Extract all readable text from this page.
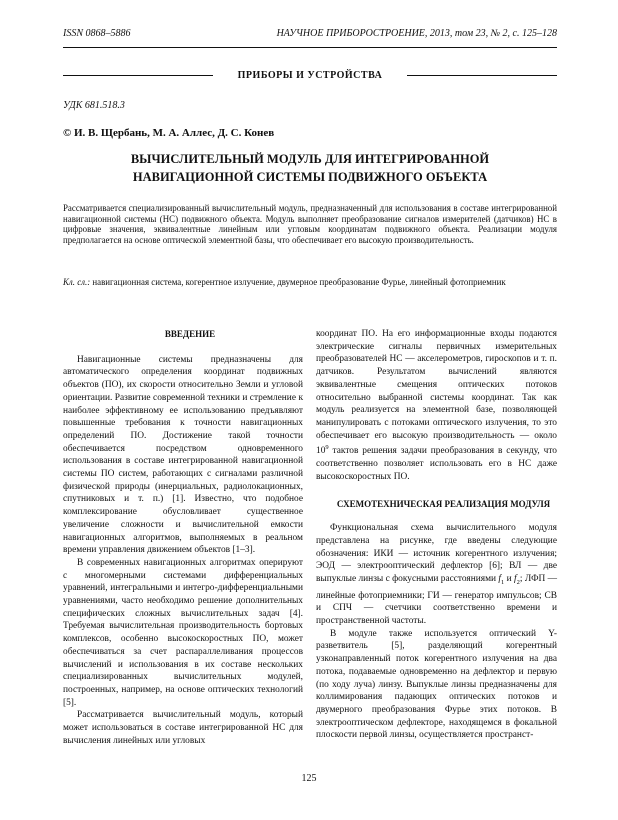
ISSN 0868–5886	НАУЧНОЕ ПРИБОРОСТРОЕНИЕ, 2013, том 23, № 2, с. 125–128
ПРИБОРЫ И УСТРОЙСТВА
УДК 681.518.3
© И. В. Щербань, М. А. Аллес, Д. С. Конев
ВЫЧИСЛИТЕЛЬНЫЙ МОДУЛЬ ДЛЯ ИНТЕГРИРОВАННОЙ
НАВИГАЦИОННОЙ СИСТЕМЫ ПОДВИЖНОГО ОБЪЕКТА
Рассматривается специализированный вычислительный модуль, предназначенный для использования в составе интегрированной навигационной системы (НС) подвижного объекта. Модуль выполняет преобразование сигналов измерителей (датчиков) НС в цифровые значения, эквивалентные линейным или угловым координатам подвижного объекта. Реализации модуля предполагается на основе оптической элементной базы, что обеспечивает его высокую производительность.
Кл. сл.: навигационная система, когерентное излучение, двумерное преобразование Фурье, линейный фотоприемник

ВВЕДЕНИЕ

Навигационные системы предназначены для автоматического определения координат подвижных объектов (ПО), их скорости относительно Земли и угловой ориентации. Развитие современной техники и стремление к наиболее эффективному ее использованию предъявляют повышенные требования к точности навигационных определений ПО. Достижение такой точности обеспечивается посредством одновременного использования в составе интегрированной навигационной системы ПО систем, работающих с сигналами различной физической природы (инерциальных, радиолокационных, спутниковых и т. п.) [1]. Известно, что подобное комплексирование обусловливает существенное увеличение сложности и вычислительной емкости навигационных алгоритмов, выполняемых в реальном времени управления движением объектов [1–3].

В современных навигационных алгоритмах оперируют с многомерными системами дифференциальных уравнений, интегральными и интегро-дифференциальными уравнениями, часто необходимо решение дополнительных специфических сложных вычислительных задач [4]. Требуемая вычислительная производительность бортовых комплексов, особенно высокоскоростных ПО, может обеспечиваться за счет распараллеливания процессов вычислений и использования в их составе нескольких специализированных вычислительных модулей, построенных, например, на основе оптических технологий [5].

Рассматривается вычислительный модуль, который может использоваться в составе интегрированной НС для вычисления линейных или угловых

координат ПО. На его информационные входы подаются электрические сигналы первичных измерительных преобразователей НС — акселерометров, гироскопов и т. п. датчиков. Результатом вычислений являются эквивалентные смещения оптических потоков относительно выбранной системы координат. Так как модуль реализуется на элементной базе, позволяющей манипулировать с потоками оптического излучения, то это обеспечивает его высокую производительность — около $10^9$ тактов решения задачи преобразования в секунду, что соответственно позволяет использовать его в НС даже высокоскоростных ПО.

СХЕМОТЕХНИЧЕСКАЯ РЕАЛИЗАЦИЯ МОДУЛЯ

Функциональная схема вычислительного модуля представлена на рисунке, где введены следующие обозначения: ИКИ — источник когерентного излучения; ЭОД — электрооптический дефлектор [6]; ВЛ — две выпуклые линзы с фокусными расстояниями $f_1$ и $f_2$; ЛФП — линейные фотоприемники; ГИ — генератор импульсов; СВ и СПЧ — счетчики соответственно времени и пространственной частоты.

В модуле также используется оптический Y-разветвитель [5], разделяющий когерентный узконаправленный поток когерентного излучения на два потока, подаваемые одновременно на дефлектор и первую (по ходу луча) линзу. Выпуклые линзы предназначены для коллимирования падающих оптических потоков и двумерного преобразования Фурье этих потоков. В электрооптическом дефлекторе, находящемся в фокальной плоскости первой линзы, осуществляется пространст-

125
